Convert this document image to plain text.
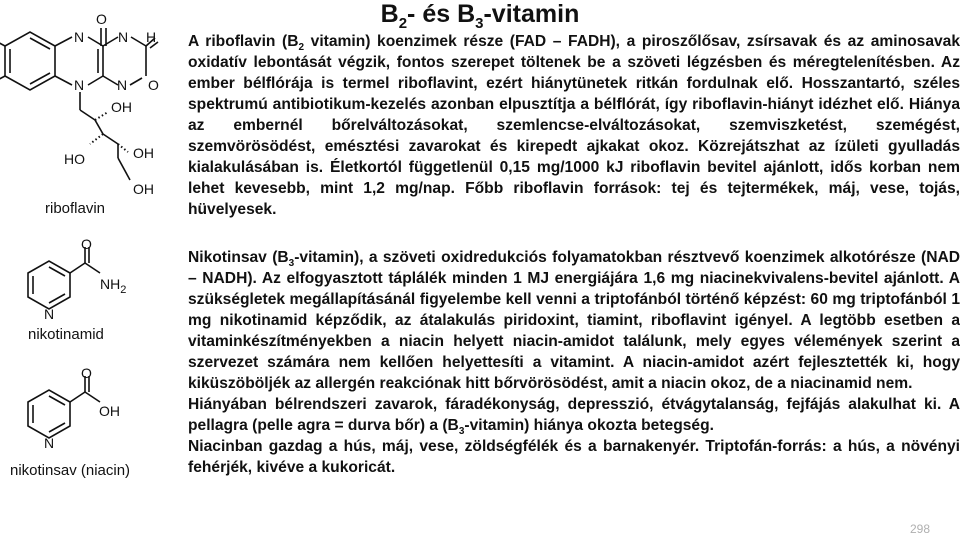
$B_2-$ és $B_3$-vitamin

A riboflavin ($B_2$ vitamin) koenzimek része (FAD – FADH), a piroszőlősav, zsírsavak és az aminosavak oxidatív lebontását végzik, fontos szerepet töltenek be a szöveti légzésben és méregtelenítésben. Az ember bélflórája is termel riboflavint, ezért hiánytünetek ritkán fordulnak elő. Hosszantartó, széles spektrumú antibiotikum-kezelés azonban elpusztítja a bélflórát, így riboflavin-hiányt idézhet elő. Hiánya az embernél bőrelváltozásokat, szemlencse-elváltozásokat, szemviszketést, szemégést, szemvörösödést, emésztési zavarokat és kirepedt ajkakat okoz. Közrejátszhat az ízületi gyulladás kialakulásában is. Életkortól függetlenül 0,15 mg/1000 kJ riboflavin bevitel ajánlott, idős korban nem lehet kevesebb, mint 1,2 mg/nap. Főbb riboflavin források: tej és tejtermékek, máj, vese, tojás, hüvelyesek.

Nikotinsav $(B_3-vitamin)$, a szöveti oxidredukciós folyamatokban résztvevő koenzimek alkotórésze (NAD – NADH). Az elfogyasztott táplálék minden 1 MJ energiájára 1,6 mg niacinekvivalens-bevitel ajánlott. A szükségletek megállapításánál figyelembe kell venni a triptofánból történő képzést: 60 mg triptofánból 1 mg nikotinamid képződik, az átalakulás piridoxint, tiamint, riboflavint igényel. A legtöbb esetben a vitaminkészítményekben a niacin helyett niacin-amidot találunk, mely egyes vélemények szerint a szervezet számára nem kellően helyettesíti a vitamint. A niacin-amidot azért fejlesztették ki, hogy kiküszöböljék az allergén reakciónak hitt bőrvörösödést, amit a niacin okoz, de a niacinamid nem.
Hiányában bélrendszeri zavarok, fáradékonyság, depresszió, étvágytalanság, fejfájás alakulhat ki. A pellagra (pelle agra = durva bőr) a $(B_3-vitamin)$ hiánya okozta betegség.
Niacinban gazdag a hús, máj, vese, zöldségfélék és a barnakenyér. Triptofán-forrás: a hús, a növényi fehérjék, kivéve a kukoricát.

O
N N H
N N O
OH
HO	OH
OH
riboflavin
O
$NH_2$
N
nikotinamid
O
OH
N
nikotinsav (niacin)
298
